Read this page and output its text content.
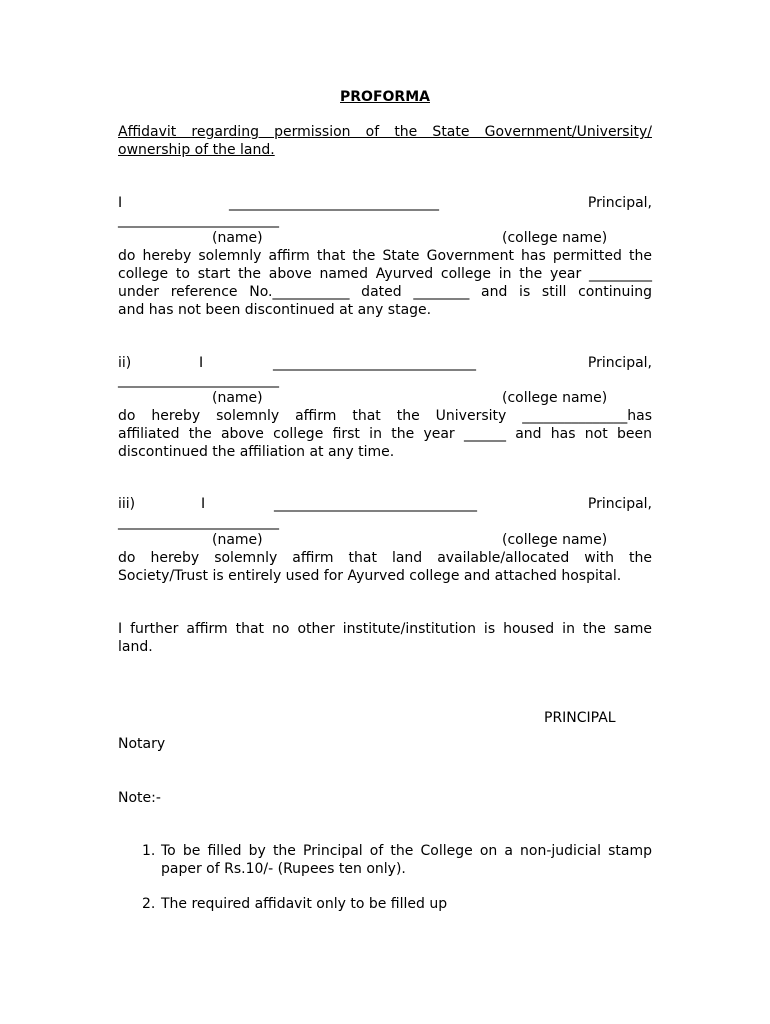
PROFORMA
Affidavit regarding permission of the State Government/University/
ownership of the land.
I	______________________________	Principal,
_______________________
(name)	(college name)
do hereby solemnly affirm that the State Government has permitted the
college to start the above named Ayurved college in the year _________
under reference No.___________ dated ________ and is still continuing
and has not been discontinued at any stage.
ii)	I	_____________________________	Principal,
_______________________
(name)	(college name)
do hereby solemnly affirm that the University _______________has
affiliated the above college first in the year ______ and has not been
discontinued the affiliation at any time.
iii)	I	_____________________________	Principal,
_______________________
(name)	(college name)
do hereby solemnly affirm that land available/allocated with the
Society/Trust is entirely used for Ayurved college and attached hospital.
I further affirm that no other institute/institution is housed in the same
land.
PRINCIPAL
Notary
Note:-
1. To be filled by the Principal of the College on a non-judicial stamp
paper of Rs.10/- (Rupees ten only).
2. The required affidavit only to be filled up
